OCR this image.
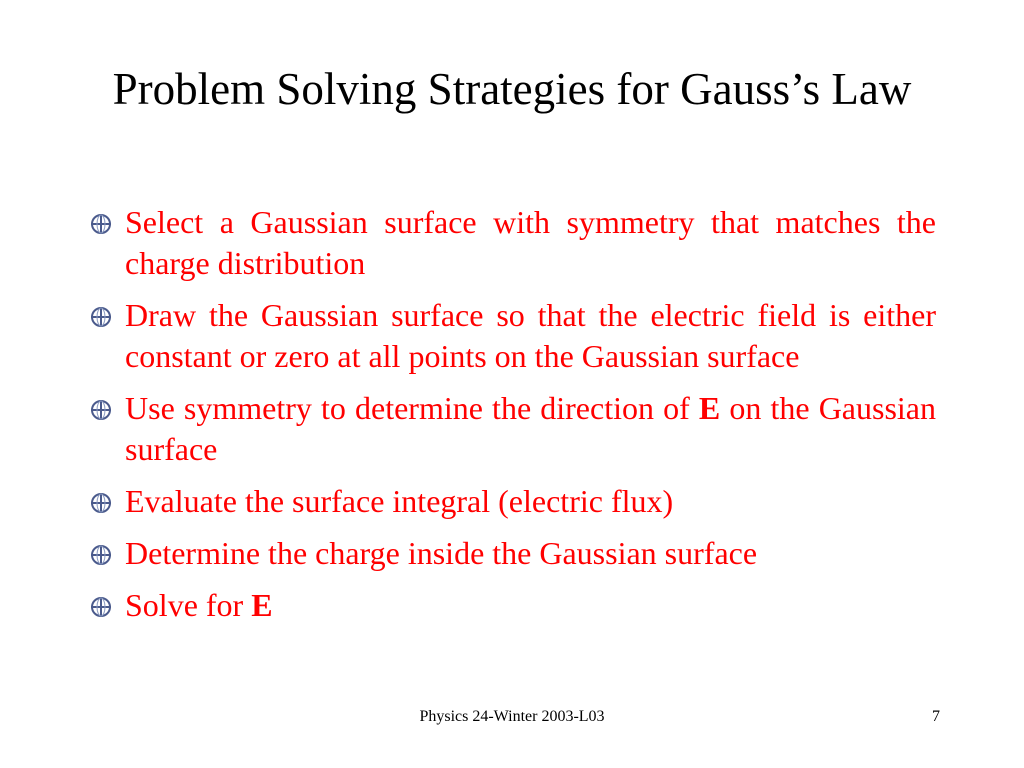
Problem Solving Strategies for Gauss’s Law
Select a Gaussian surface with symmetry that matches the charge distribution
Draw the Gaussian surface so that the electric field is either constant or zero at all points on the Gaussian surface
Use symmetry to determine the direction of E on the Gaussian surface
Evaluate the surface integral (electric flux)
Determine the charge inside the Gaussian surface
Solve for E
Physics 24-Winter 2003-L03	7
